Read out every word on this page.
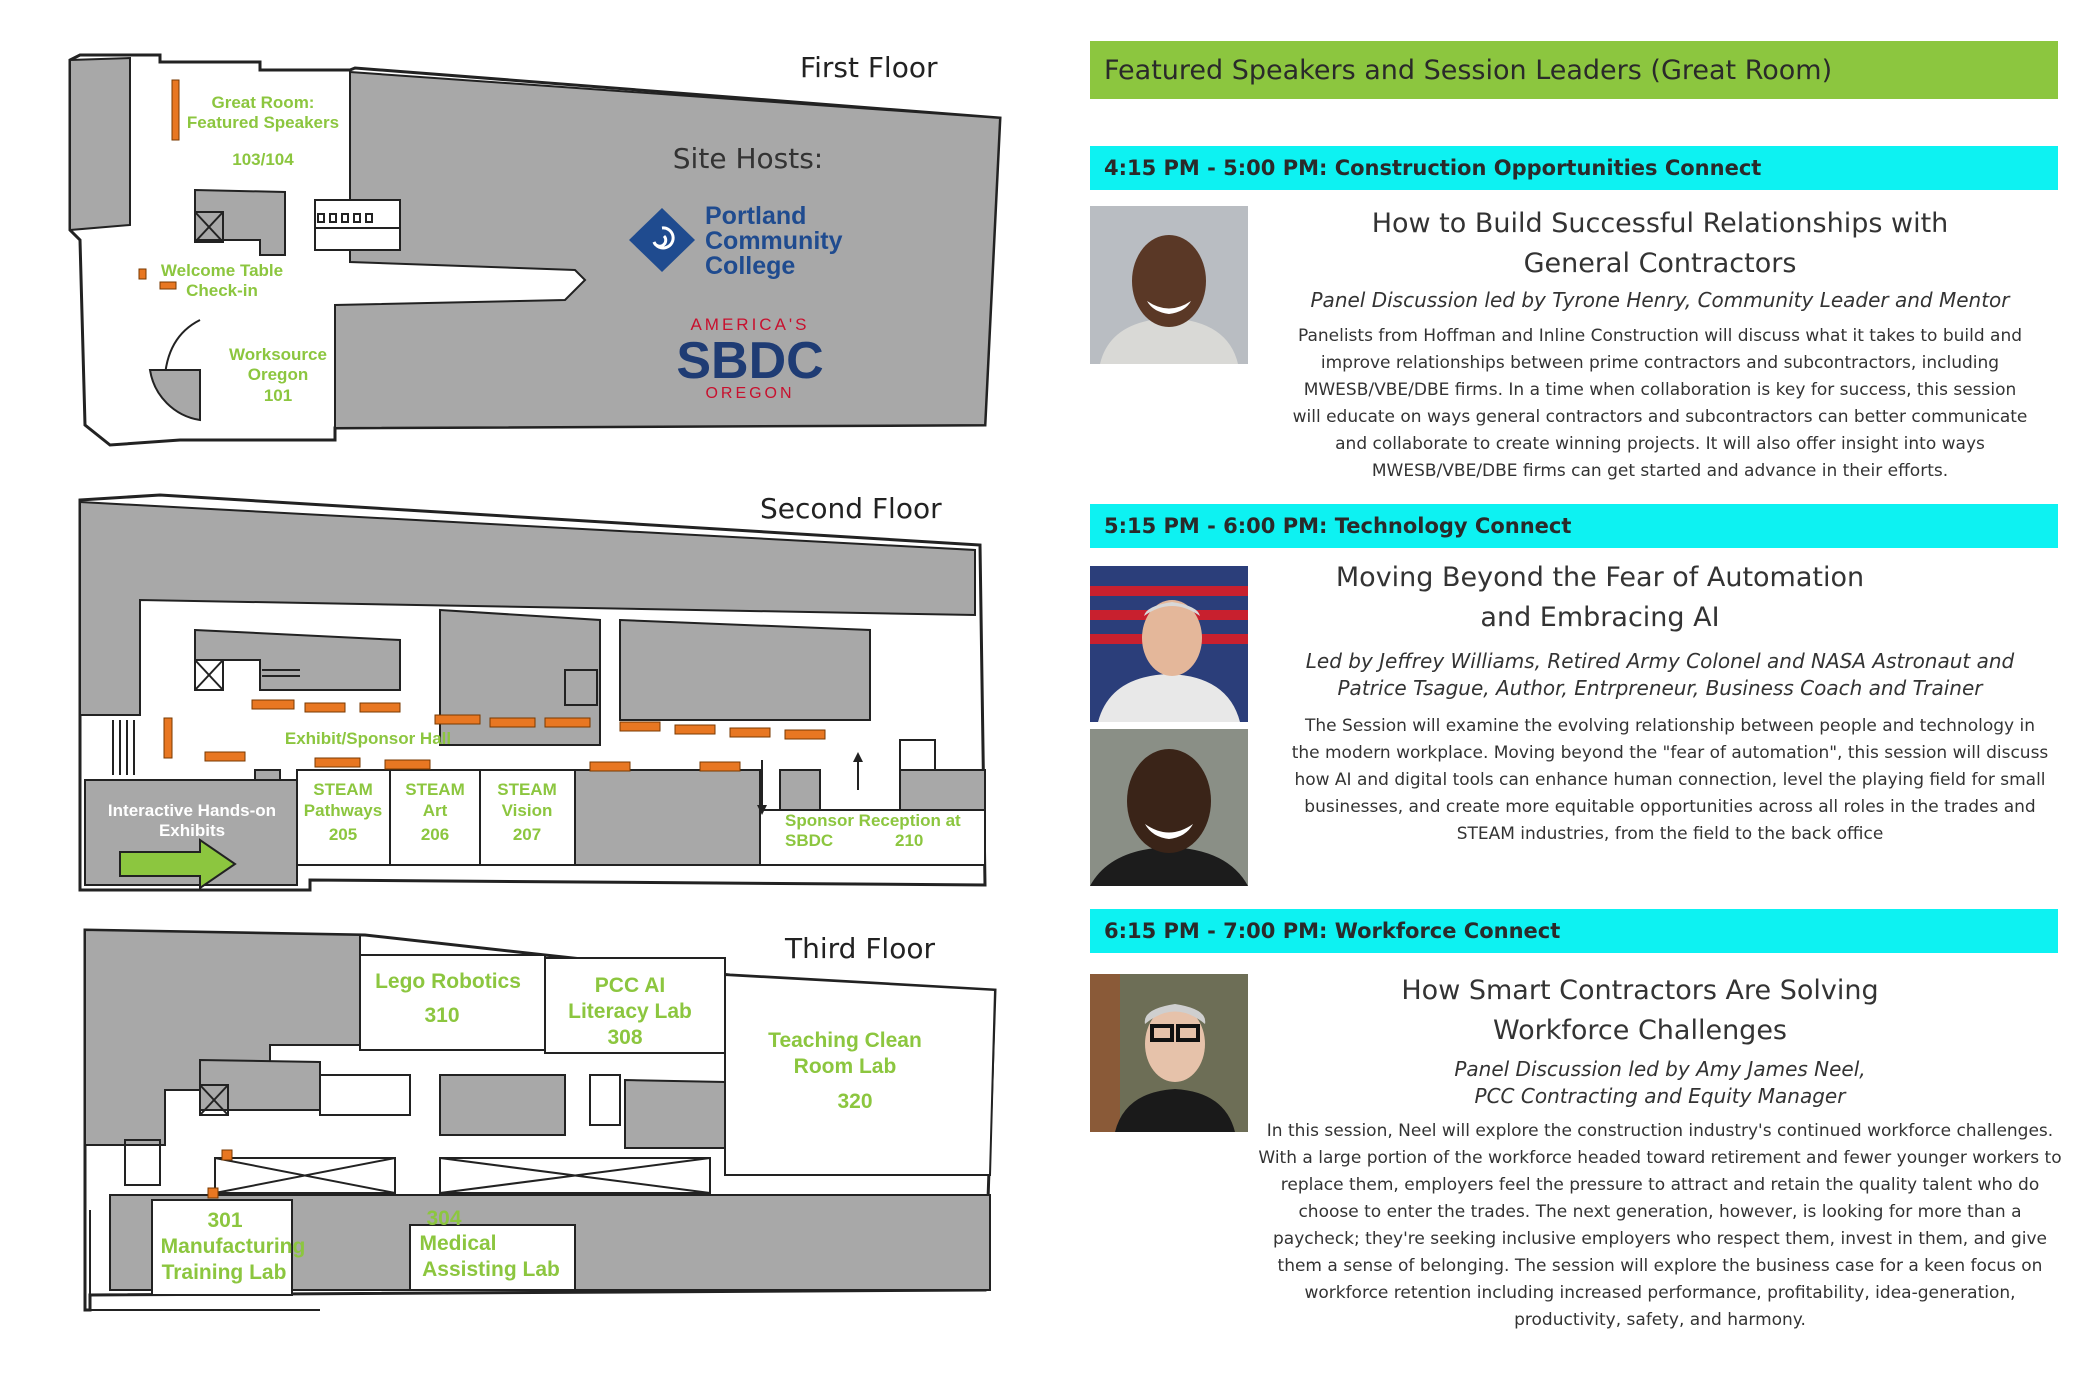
First Floor
Great Room:
Featured Speakers
103/104
Welcome Table
Check-in
Worksource
Oregon
101
Site Hosts:
Portland
Community
College
AMERICA'S
SBDC
OREGON
Second Floor
Exhibit/Sponsor Hall
Interactive Hands-on
Exhibits
STEAM
Pathways
205
STEAM
Art
206
STEAM
Vision
207
Sponsor Reception at
SBDC	210
Third Floor
Lego Robotics
310
PCC AI
Literacy Lab
308	Teaching Clean
Room Lab
320
301
Manufacturing
Training Lab
304
Medical
Assisting Lab
Featured Speakers and Session Leaders (Great Room)
4:15 PM - 5:00 PM: Construction Opportunities Connect
How to Build Successful Relationships with
General Contractors
Panel Discussion led by Tyrone Henry, Community Leader and Mentor
Panelists from Hoffman and Inline Construction will discuss what it takes to build and improve relationships between prime contractors and subcontractors, including MWESB/VBE/DBE firms. In a time when collaboration is key for success, this session will educate on ways general contractors and subcontractors can better communicate and collaborate to create winning projects. It will also offer insight into ways MWESB/VBE/DBE firms can get started and advance in their efforts.
5:15 PM - 6:00 PM: Technology Connect
Moving Beyond the Fear of Automation
and Embracing AI
Led by Jeffrey Williams, Retired Army Colonel and NASA Astronaut and
Patrice Tsague, Author, Entrpreneur, Business Coach and Trainer
The Session will examine the evolving relationship between people and technology in the modern workplace. Moving beyond the "fear of automation", this session will discuss how AI and digital tools can enhance human connection, level the playing field for small businesses, and create more equitable opportunities across all roles in the trades and STEAM industries, from the field to the back office
6:15 PM - 7:00 PM: Workforce Connect
How Smart Contractors Are Solving
Workforce Challenges
Panel Discussion led by Amy James Neel,
PCC Contracting and Equity Manager
In this session, Neel will explore the construction industry's continued workforce challenges. With a large portion of the workforce headed toward retirement and fewer younger workers to replace them, employers feel the pressure to attract and retain the quality talent who do choose to enter the trades. The next generation, however, is looking for more than a paycheck; they're seeking inclusive employers who respect them, invest in them, and give them a sense of belonging. The session will explore the business case for a keen focus on workforce retention including increased performance, profitability, idea-generation, productivity, safety, and harmony.
